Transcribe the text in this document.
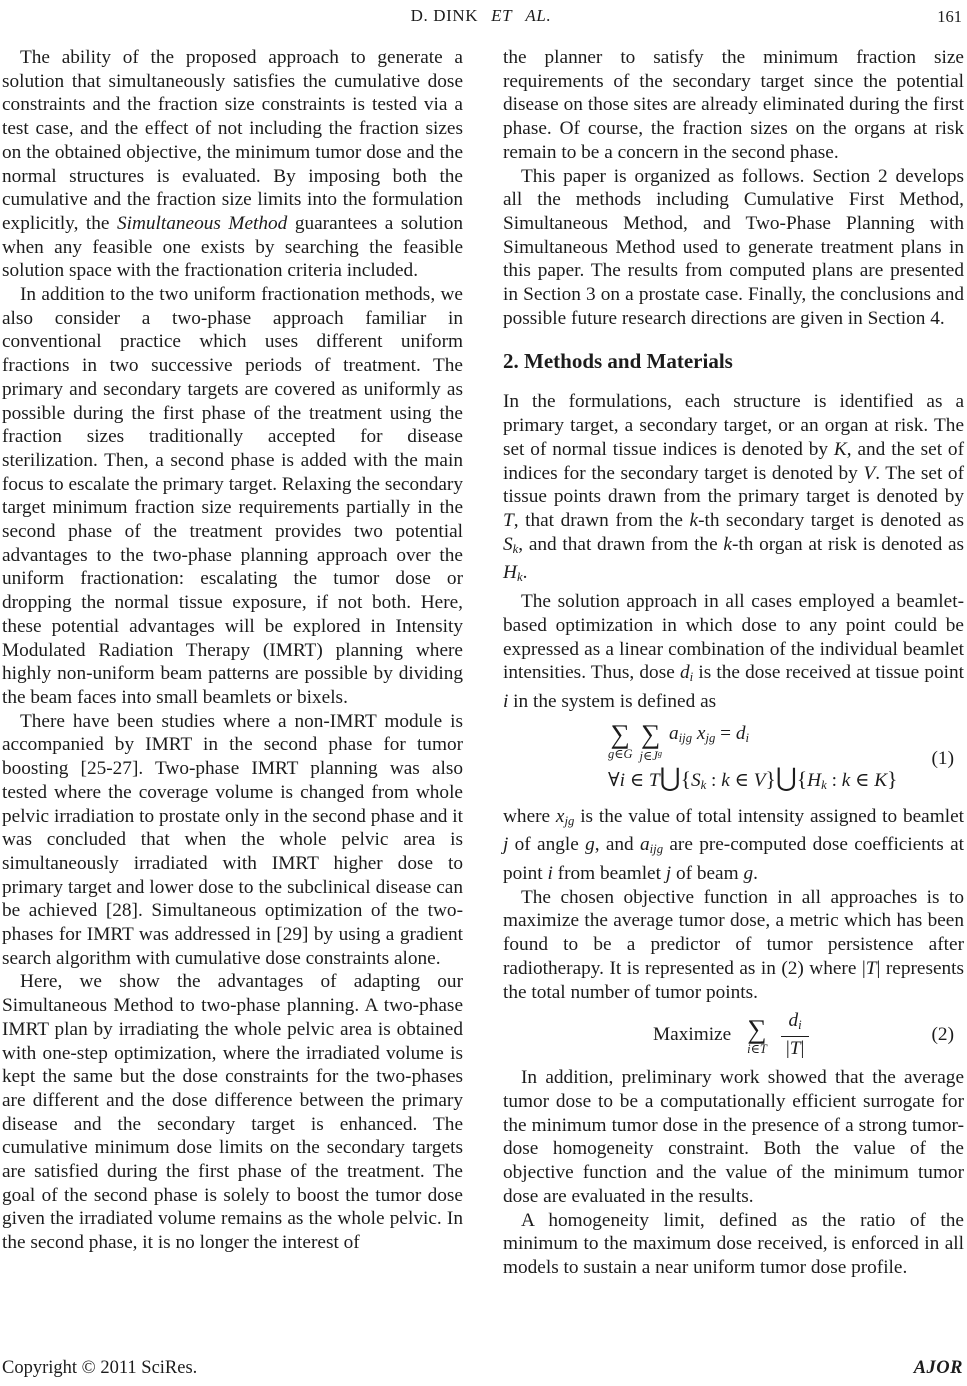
D. DINK ET AL.	161

The ability of the proposed approach to generate a solution that simultaneously satisfies the cumulative dose constraints and the fraction size constraints is tested via a test case, and the effect of not including the fraction sizes on the obtained objective, the minimum tumor dose and the normal structures is evaluated. By imposing both the cumulative and the fraction size limits into the formulation explicitly, the Simultaneous Method guarantees a solution when any feasible one exists by searching the feasible solution space with the fractionation criteria included.

In addition to the two uniform fractionation methods, we also consider a two-phase approach familiar in conventional practice which uses different uniform fractions in two successive periods of treatment. The primary and secondary targets are covered as uniformly as possible during the first phase of the treatment using the fraction sizes traditionally accepted for disease sterilization. Then, a second phase is added with the main focus to escalate the primary target. Relaxing the secondary target minimum fraction size requirements partially in the second phase of the treatment provides two potential advantages to the two-phase planning approach over the uniform fractionation: escalating the tumor dose or dropping the normal tissue exposure, if not both. Here, these potential advantages will be explored in Intensity Modulated Radiation Therapy (IMRT) planning where highly non-uniform beam patterns are possible by dividing the beam faces into small beamlets or bixels.

There have been studies where a non-IMRT module is accompanied by IMRT in the second phase for tumor boosting [25-27]. Two-phase IMRT planning was also tested where the coverage volume is changed from whole pelvic irradiation to prostate only in the second phase and it was concluded that when the whole pelvic area is simultaneously irradiated with IMRT higher dose to primary target and lower dose to the subclinical disease can be achieved [28]. Simultaneous optimization of the two-phases for IMRT was addressed in [29] by using a gradient search algorithm with cumulative dose constraints alone.

Here, we show the advantages of adapting our Simultaneous Method to two-phase planning. A two-phase IMRT plan by irradiating the whole pelvic area is obtained with one-step optimization, where the irradiated volume is kept the same but the dose constraints for the two-phases are different and the dose difference between the primary disease and the secondary target is enhanced. The cumulative minimum dose limits on the secondary targets are satisfied during the first phase of the treatment. The goal of the second phase is solely to boost the tumor dose given the irradiated volume remains as the whole pelvic. In the second phase, it is no longer the interest of

the planner to satisfy the minimum fraction size requirements of the secondary target since the potential disease on those sites are already eliminated during the first phase. Of course, the fraction sizes on the organs at risk remain to be a concern in the second phase.

This paper is organized as follows. Section 2 develops all the methods including Cumulative First Method, Simultaneous Method, and Two-Phase Planning with Simultaneous Method used to generate treatment plans in this paper. The results from computed plans are presented in Section 3 on a prostate case. Finally, the conclusions and possible future research directions are given in Section 4.

2. Methods and Materials

In the formulations, each structure is identified as a primary target, a secondary target, or an organ at risk. The set of normal tissue indices is denoted by K, and the set of indices for the secondary target is denoted by V. The set of tissue points drawn from the primary target is denoted by T, that drawn from the k-th secondary target is denoted as Sk, and that drawn from the k-th organ at risk is denoted as Hk.

The solution approach in all cases employed a beamlet-based optimization in which dose to any point could be expressed as a linear combination of the individual beamlet intensities. Thus, dose di is the dose received at tissue point i in the system is defined as

∑
g∈G
∑
$j\in J^g$
aijg xjg = di
∀i ∈ T⋃{Sk : k ∈ V}⋃{Hk : k ∈ K}
(1)

where xjg is the value of total intensity assigned to beamlet j of angle g, and aijg are pre-computed dose coefficients at point i from beamlet j of beam g.

The chosen objective function in all approaches is to maximize the average tumor dose, a metric which has been found to be a predictor of tumor persistence after radiotherapy. It is represented as in (2) where |T| represents the total number of tumor points.

Maximize ∑
i∈T $\frac{di}{|T|}$	(2)

In addition, preliminary work showed that the average tumor dose to be a computationally efficient surrogate for the minimum tumor dose in the presence of a strong tumor-dose homogeneity constraint. Both the value of the objective function and the value of the minimum tumor dose are evaluated in the results.

A homogeneity limit, defined as the ratio of the minimum to the maximum dose received, is enforced in all models to sustain a near uniform tumor dose profile.

Copyright © 2011 SciRes.	AJOR
